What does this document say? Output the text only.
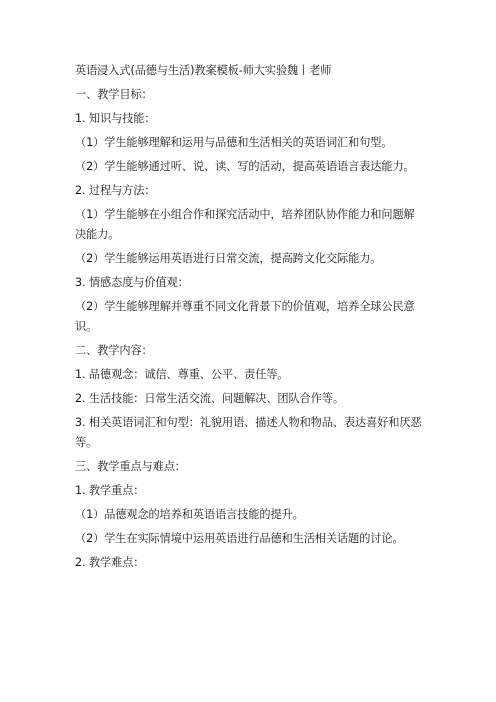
英语浸入式(品德与生活)教案模板-师大实验魏丨老师
一、教学目标：
1. 知识与技能：
（1）学生能够理解和运用与品德和生活相关的英语词汇和句型。
（2）学生能够通过听、说、读、写的活动，提高英语语言表达能力。
2. 过程与方法：
（1）学生能够在小组合作和探究活动中，培养团队协作能力和问题解决能力。
（2）学生能够运用英语进行日常交流，提高跨文化交际能力。
3. 情感态度与价值观：
（2）学生能够理解并尊重不同文化背景下的价值观，培养全球公民意识。
二、教学内容：
1. 品德观念：诚信、尊重、公平、责任等。
2. 生活技能：日常生活交流、问题解决、团队合作等。
3. 相关英语词汇和句型：礼貌用语、描述人物和物品、表达喜好和厌恶等。
三、教学重点与难点：
1. 教学重点：
（1）品德观念的培养和英语语言技能的提升。
（2）学生在实际情境中运用英语进行品德和生活相关话题的讨论。
2. 教学难点：
